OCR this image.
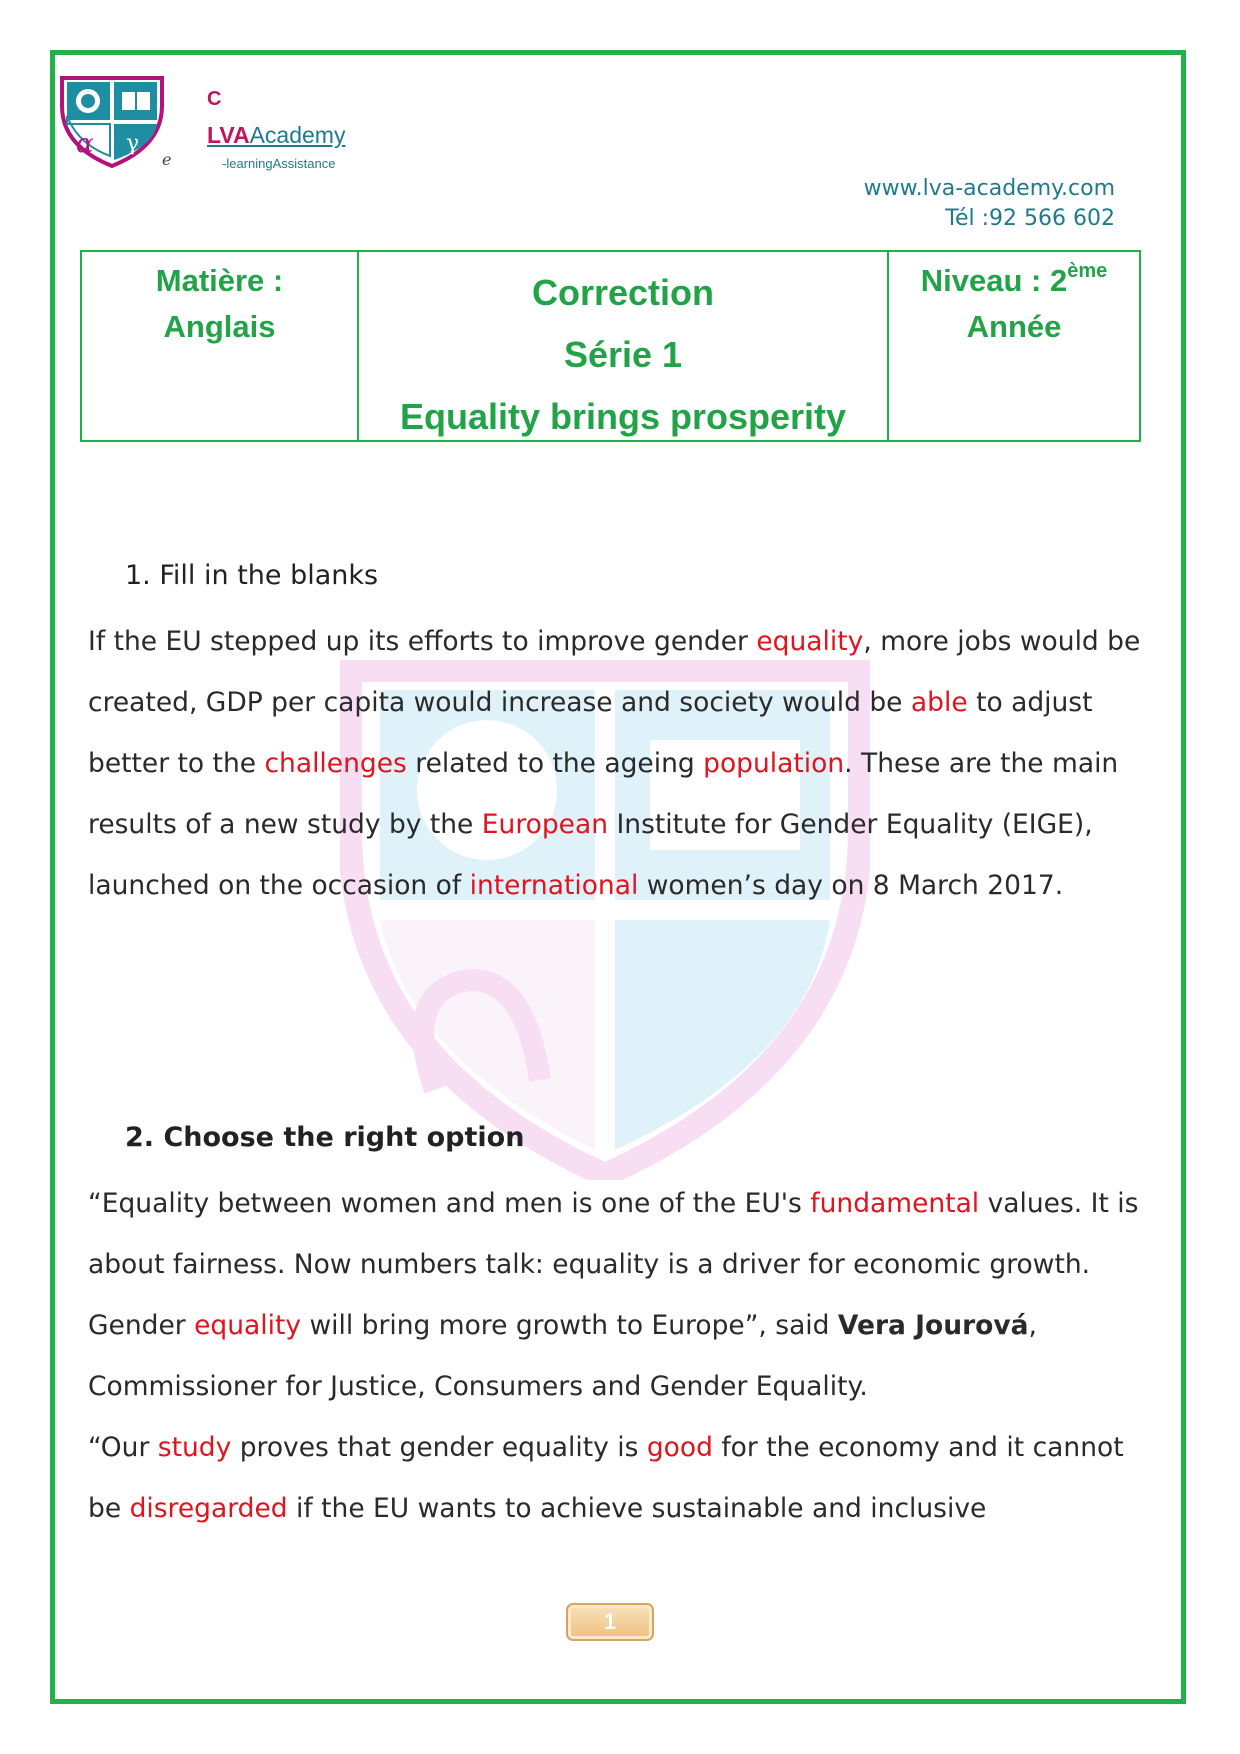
α γ
e
C
LVAAcademy
-learningAssistance
www.lva-academy.com
Tél :92 566 602
Matière :
Anglais
Correction
Série 1
Equality brings prosperity
Niveau : 2ème
Année
1. Fill in the blanks
If the EU stepped up its efforts to improve gender equality, more jobs would be created, GDP per capita would increase and society would be able to adjust better to the challenges related to the ageing population. These are the main results of a new study by the European Institute for Gender Equality (EIGE), launched on the occasion of international women’s day on 8 March 2017.
2. Choose the right option
“Equality between women and men is one of the EU's fundamental values. It is about fairness. Now numbers talk: equality is a driver for economic growth. Gender equality will bring more growth to Europe”, said Vera Jourová, Commissioner for Justice, Consumers and Gender Equality.
“Our study proves that gender equality is good for the economy and it cannot be disregarded if the EU wants to achieve sustainable and inclusive
1
